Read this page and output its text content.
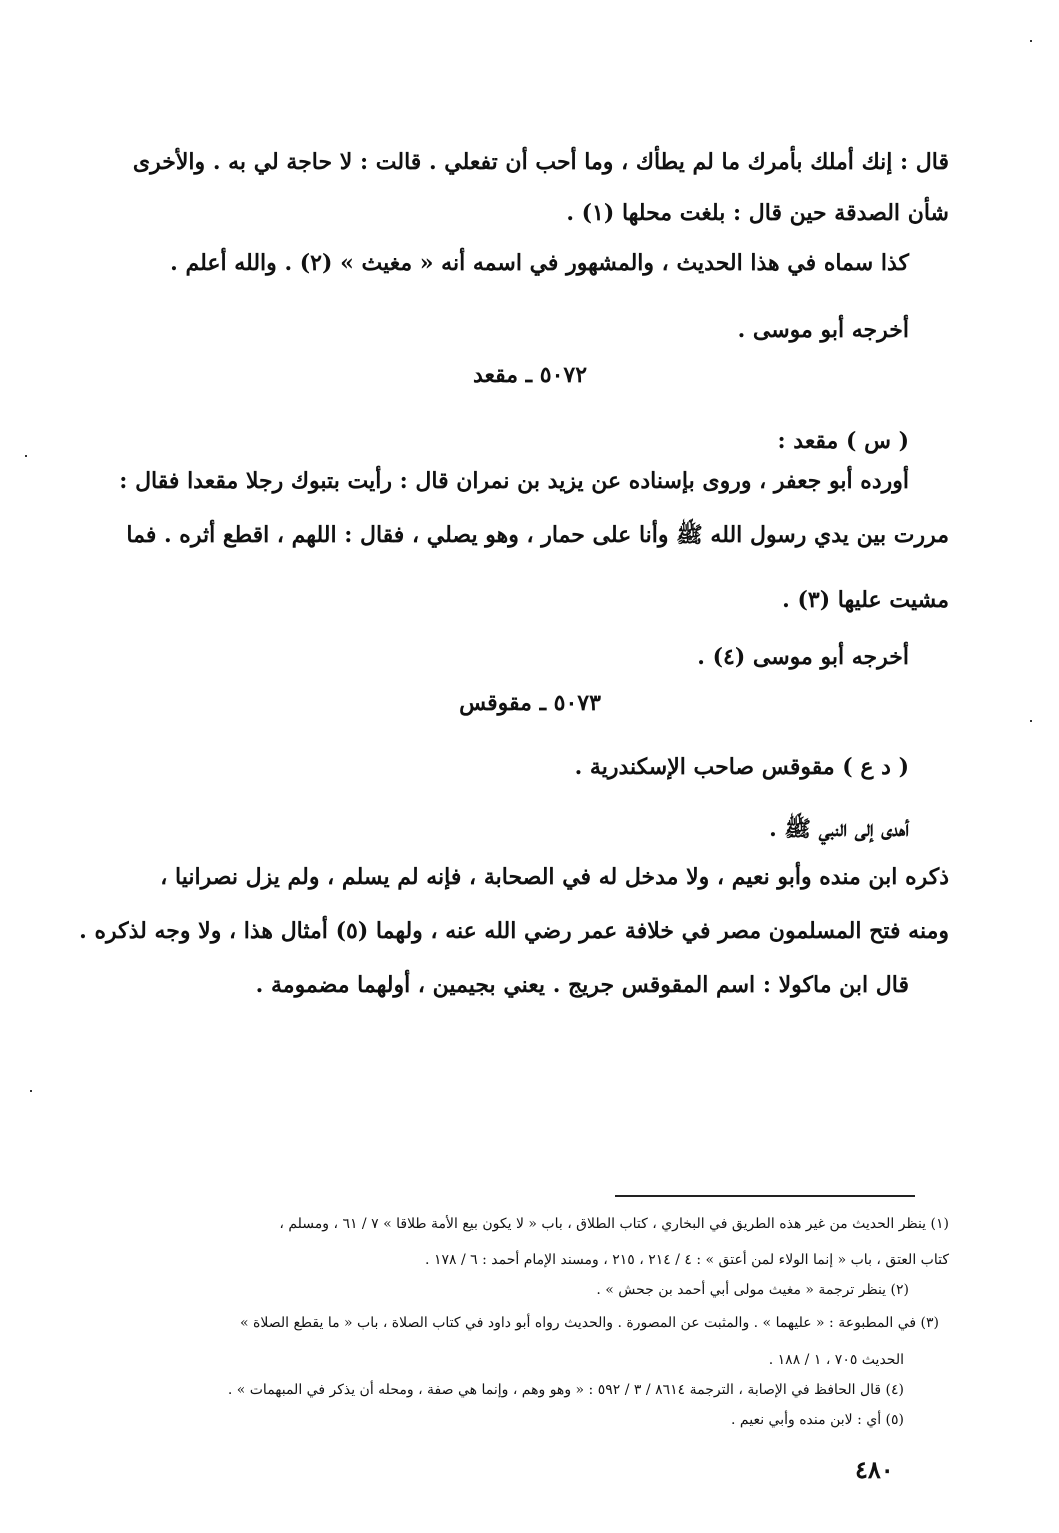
قال : إنك أملك بأمرك ما لم يطأك ، وما أحب أن تفعلي . قالت : لا حاجة لي به . والأخرى
شأن الصدقة حين قال : بلغت محلها (١) .
كذا سماه في هذا الحديث ، والمشهور في اسمه أنه « مغيث » (٢) . والله أعلم .
أخرجه أبو موسى .
٥٠٧٢ ـ مقعد
( س ) مقعد :
أورده أبو جعفر ، وروى بإسناده عن يزيد بن نمران قال : رأيت بتبوك رجلا مقعدا فقال :
مررت بين يدي رسول الله ﷺ وأنا على حمار ، وهو يصلي ، فقال : اللهم ، اقطع أثره . فما
مشيت عليها (٣) .
أخرجه أبو موسى (٤) .
٥٠٧٣ ـ مقوقس
( د ع ) مقوقس صاحب الإسكندرية .
أهدى إلى النبي ﷺ .
ذكره ابن منده وأبو نعيم ، ولا مدخل له في الصحابة ، فإنه لم يسلم ، ولم يزل نصرانيا ،
ومنه فتح المسلمون مصر في خلافة عمر رضي الله عنه ، ولهما (٥) أمثال هذا ، ولا وجه لذكره .
قال ابن ماكولا : اسم المقوقس جريج . يعني بجيمين ، أولهما مضمومة .
(١) ينظر الحديث من غير هذه الطريق في البخاري ، كتاب الطلاق ، باب « لا يكون بيع الأمة طلاقا » ٧ / ٦١ ، ومسلم ،
كتاب العتق ، باب « إنما الولاء لمن أعتق » : ٤ / ٢١٤ ، ٢١٥ ، ومسند الإمام أحمد : ٦ / ١٧٨ .
(٢) ينظر ترجمة « مغيث مولى أبي أحمد بن جحش » .
(٣) في المطبوعة : « عليهما » . والمثبت عن المصورة . والحديث رواه أبو داود في كتاب الصلاة ، باب « ما يقطع الصلاة »
الحديث ٧٠٥ ، ١ / ١٨٨ .
(٤) قال الحافظ في الإصابة ، الترجمة ٨٦١٤ / ٣ / ٥٩٢ : « وهو وهم ، وإنما هي صفة ، ومحله أن يذكر في المبهمات » .
(٥) أي : لابن منده وأبي نعيم .
٤٨٠
